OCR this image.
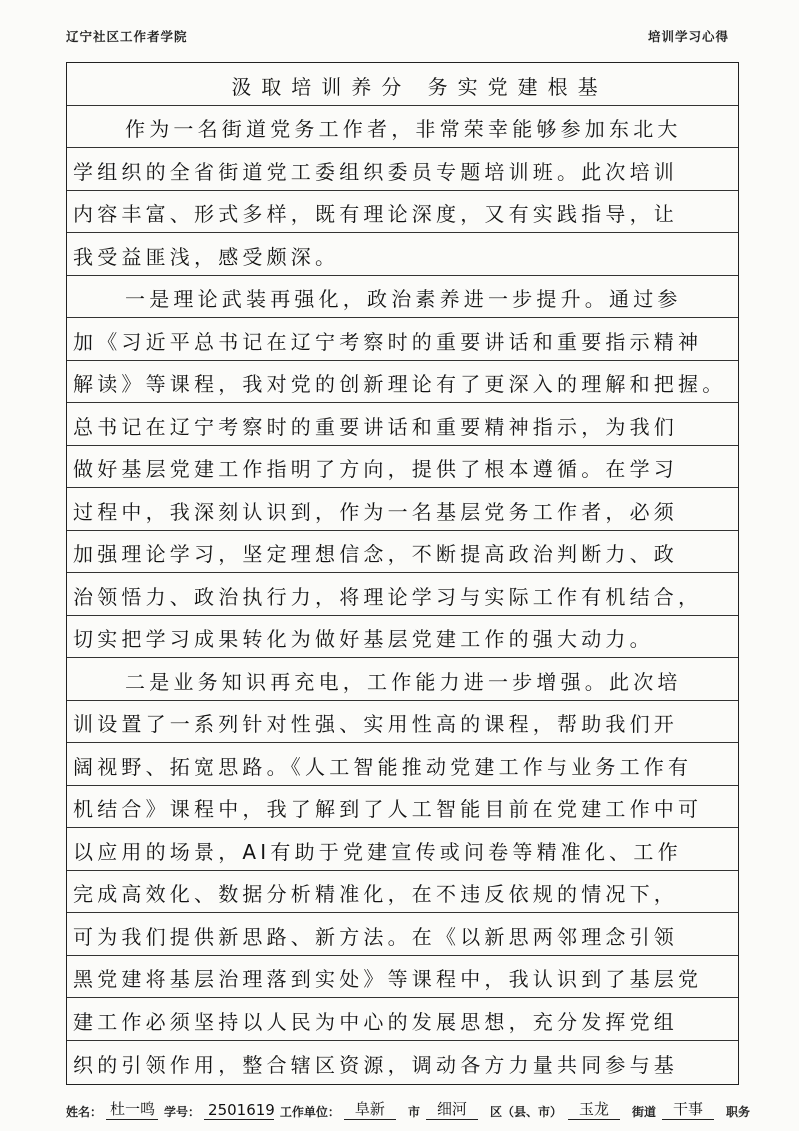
辽宁社区工作者学院	培训学习心得
汲取培训养分 务实党建根基
作为一名街道党务工作者，非常荣幸能够参加东北大
学组织的全省街道党工委组织委员专题培训班。此次培训
内容丰富、形式多样，既有理论深度，又有实践指导，让
我受益匪浅，感受颇深。
一是理论武装再强化，政治素养进一步提升。通过参
加《习近平总书记在辽宁考察时的重要讲话和重要指示精神
解读》等课程，我对党的创新理论有了更深入的理解和把握。
总书记在辽宁考察时的重要讲话和重要精神指示，为我们
做好基层党建工作指明了方向，提供了根本遵循。在学习
过程中，我深刻认识到，作为一名基层党务工作者，必须
加强理论学习，坚定理想信念，不断提高政治判断力、政
治领悟力、政治执行力，将理论学习与实际工作有机结合，
切实把学习成果转化为做好基层党建工作的强大动力。
二是业务知识再充电，工作能力进一步增强。此次培
训设置了一系列针对性强、实用性高的课程，帮助我们开
阔视野、拓宽思路。《人工智能推动党建工作与业务工作有
机结合》课程中，我了解到了人工智能目前在党建工作中可
以应用的场景，AI有助于党建宣传或问卷等精准化、工作
完成高效化、数据分析精准化，在不违反依规的情况下，
可为我们提供新思路、新方法。在《以新思两邻理念引领
黑党建将基层治理落到实处》等课程中，我认识到了基层党
建工作必须坚持以人民为中心的发展思想，充分发挥党组
织的引领作用，整合辖区资源，调动各方力量共同参与基
姓名： 杜一鸣 学号： 2501619 工作单位： 阜新	市	细河	区（县、市）	玉龙	街道	干事	职务
